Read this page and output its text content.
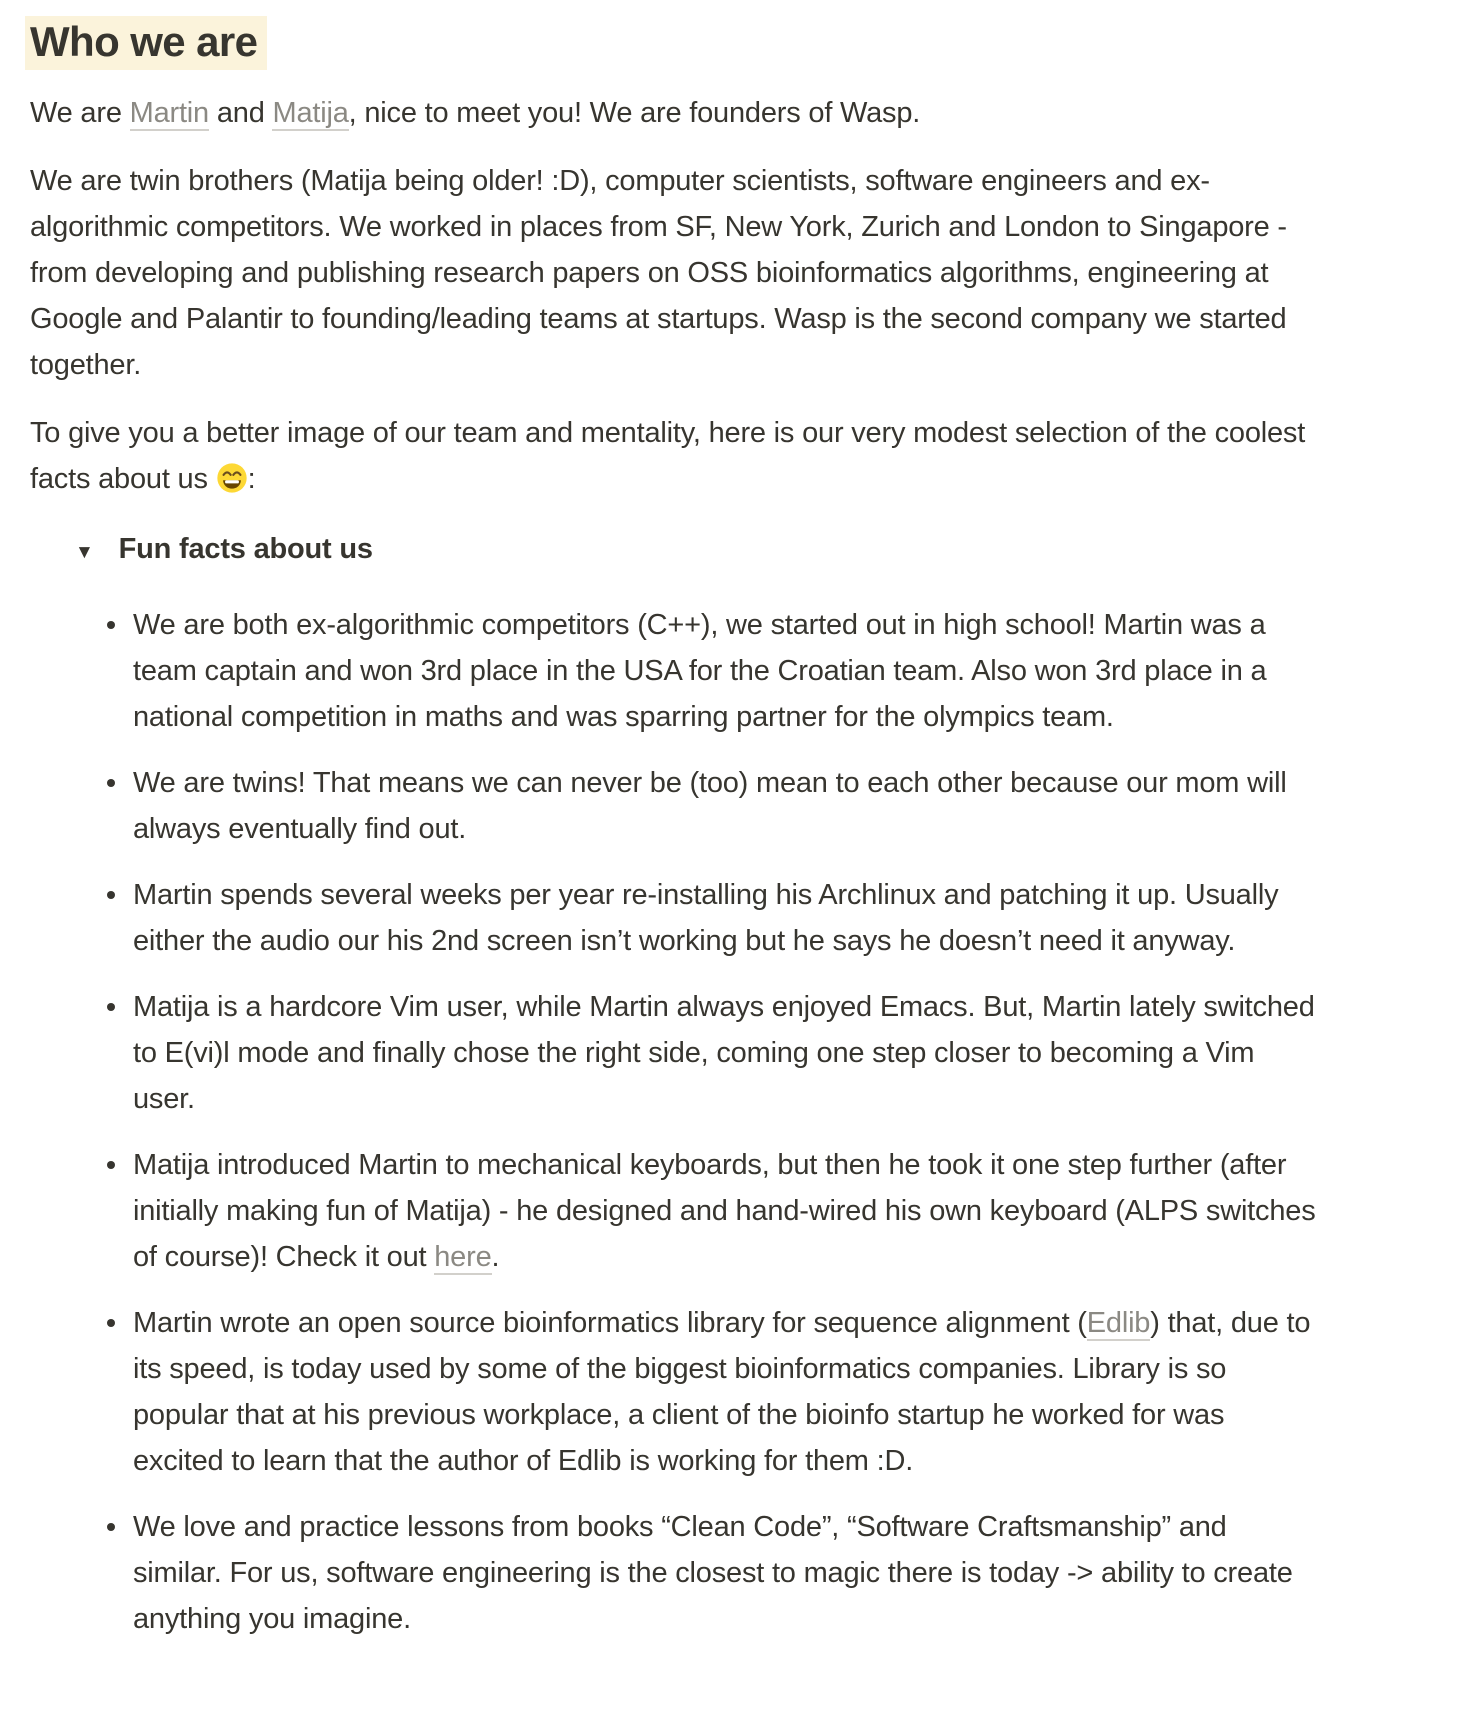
Who we are

We are Martin and Matija, nice to meet you! We are founders of Wasp.

We are twin brothers (Matija being older! :D), computer scientists, software engineers and ex-algorithmic competitors. We worked in places from SF, New York, Zurich and London to Singapore - from developing and publishing research papers on OSS bioinformatics algorithms, engineering at Google and Palantir to founding/leading teams at startups. Wasp is the second company we started together.

To give you a better image of our team and mentality, here is our very modest selection of the coolest facts about us :

▼ Fun facts about us
We are both ex-algorithmic competitors (C++), we started out in high school! Martin was a team captain and won 3rd place in the USA for the Croatian team. Also won 3rd place in a national competition in maths and was sparring partner for the olympics team.
We are twins! That means we can never be (too) mean to each other because our mom will always eventually find out.
Martin spends several weeks per year re-installing his Archlinux and patching it up. Usually either the audio our his 2nd screen isn’t working but he says he doesn’t need it anyway.
Matija is a hardcore Vim user, while Martin always enjoyed Emacs. But, Martin lately switched to E(vi)l mode and finally chose the right side, coming one step closer to becoming a Vim user.
Matija introduced Martin to mechanical keyboards, but then he took it one step further (after initially making fun of Matija) - he designed and hand-wired his own keyboard (ALPS switches of course)! Check it out here.
Martin wrote an open source bioinformatics library for sequence alignment (Edlib) that, due to its speed, is today used by some of the biggest bioinformatics companies. Library is so popular that at his previous workplace, a client of the bioinfo startup he worked for was excited to learn that the author of Edlib is working for them :D.
We love and practice lessons from books “Clean Code”, “Software Craftsmanship” and similar. For us, software engineering is the closest to magic there is today -> ability to create anything you imagine.
